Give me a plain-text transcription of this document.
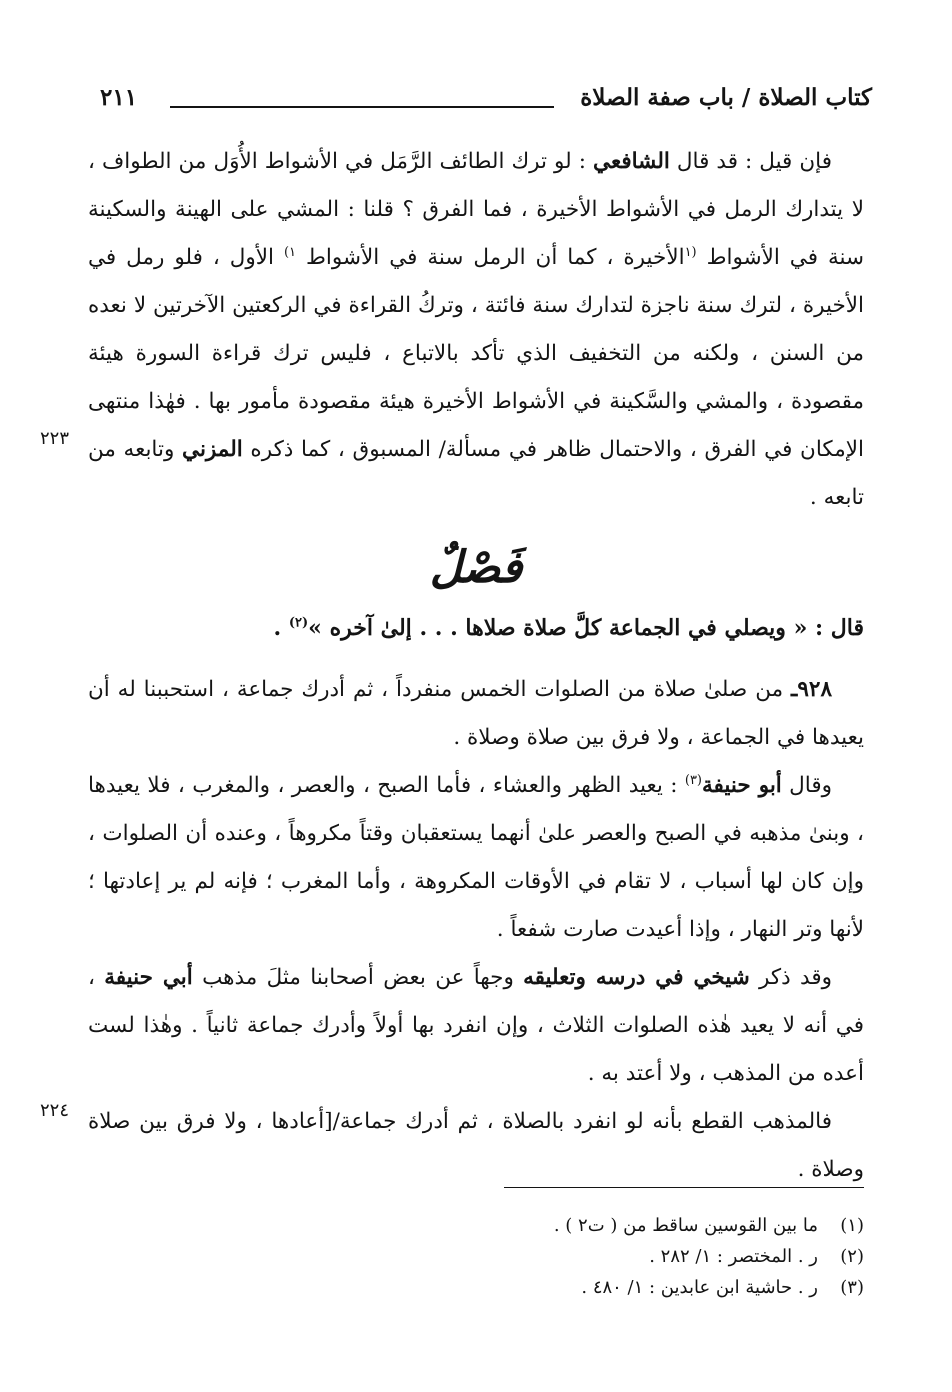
كتاب الصلاة / باب صفة الصلاة
٢١١

فإن قيل : قد قال الشافعي : لو ترك الطائف الرَّمَل في الأشواط الأُوَل من الطواف ، لا يتدارك الرمل في الأشواط الأخيرة ، فما الفرق ؟ قلنا : المشي على الهينة والسكينة سنة في الأشواط $^{(١}$الأخيرة ، كما أن الرمل سنة في الأشواط $^{١)}$ الأول ، فلو رمل في الأخيرة ، لترك سنة ناجزة لتدارك سنة فائتة ، وتركُ القراءة في الركعتين الآخرتين لا نعده من السنن ، ولكنه من التخفيف الذي تأكد بالاتباع ، فليس ترك قراءة السورة هيئة مقصودة ، والمشي والسَّكينة في الأشواط الأخيرة هيئة مقصودة مأمور بها . فهٰذا منتهى الإمكان في الفرق ، والاحتمال ظاهر في مسألة/ المسبوق ، كما ذكره المزني وتابعه من تابعه .

٢٢٣
فَصْلٌ

قال : « ويصلي في الجماعة كلَّ صلاة صلاها . . . إلىٰ آخره »$^{(٢)}$ .

٩٢٨ـ من صلىٰ صلاة من الصلوات الخمس منفرداً ، ثم أدرك جماعة ، استحببنا له أن يعيدها في الجماعة ، ولا فرق بين صلاة وصلاة .

وقال أبو حنيفة$^{(٣)}$ : يعيد الظهر والعشاء ، فأما الصبح ، والعصر ، والمغرب ، فلا يعيدها ، وبنىٰ مذهبه في الصبح والعصر علىٰ أنهما يستعقبان وقتاً مكروهاً ، وعنده أن الصلوات ، وإن كان لها أسباب ، لا تقام في الأوقات المكروهة ، وأما المغرب ؛ فإنه لم ير إعادتها ؛ لأنها وتر النهار ، وإذا أعيدت صارت شفعاً .

وقد ذكر شيخي في درسه وتعليقه وجهاً عن بعض أصحابنا مثلَ مذهب أبي حنيفة ، في أنه لا يعيد هٰذه الصلوات الثلاث ، وإن انفرد بها أولاً وأدرك جماعة ثانياً . وهٰذا لست أعده من المذهب ، ولا أعتد به .

فالمذهب القطع بأنه لو انفرد بالصلاة ، ثم أدرك جماعة/[أعادها ، ولا فرق بين صلاة وصلاة .

٢٢٤
(١)ما بين القوسين ساقط من ( ت٢ ) .
(٢)ر . المختصر : ١/ ٢٨٢ .
(٣)ر . حاشية ابن عابدين : ١/ ٤٨٠ .
